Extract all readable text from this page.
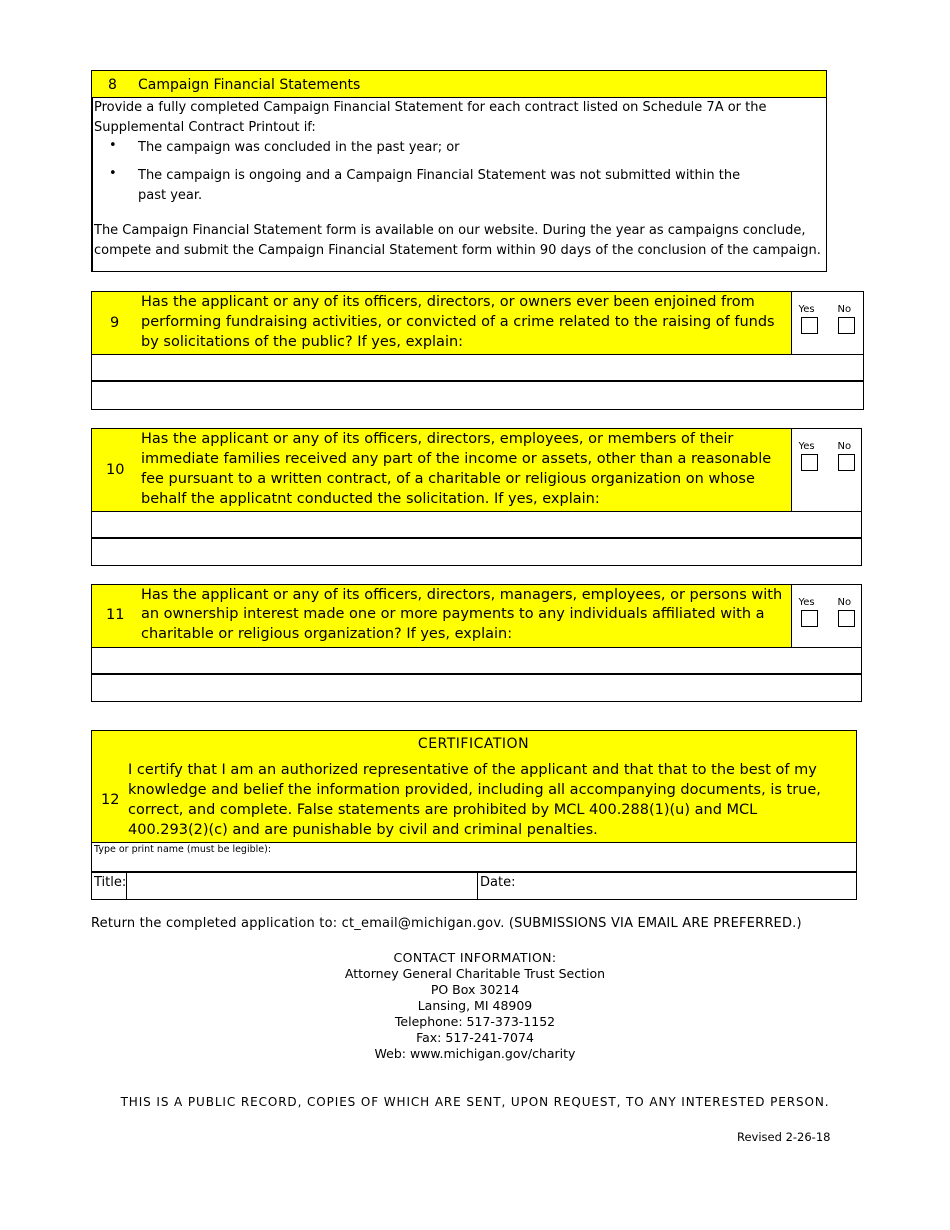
8 Campaign Financial Statements
Provide a fully completed Campaign Financial Statement for each contract listed on Schedule 7A or the
Supplemental Contract Printout if:
• The campaign was concluded in the past year; or
• The campaign is ongoing and a Campaign Financial Statement was not submitted within the
past year.
The Campaign Financial Statement form is available on our website. During the year as campaigns conclude,
compete and submit the Campaign Financial Statement form within 90 days of the conclusion of the campaign.
9
Has the applicant or any of its officers, directors, or owners ever been enjoined from
performing fundraising activities, or convicted of a crime related to the raising of funds
by solicitations of the public? If yes, explain:
Yes No
10
Has the applicant or any of its officers, directors, employees, or members of their
immediate families received any part of the income or assets, other than a reasonable
fee pursuant to a written contract, of a charitable or religious organization on whose
behalf the applicatnt conducted the solicitation. If yes, explain:
Yes No
11
Has the applicant or any of its officers, directors, managers, employees, or persons with
an ownership interest made one or more payments to any individuals affiliated with a
charitable or religious organization? If yes, explain:
Yes No
CERTIFICATION
12
I certify that I am an authorized representative of the applicant and that that to the best of my
knowledge and belief the information provided, including all accompanying documents, is true,
correct, and complete. False statements are prohibited by MCL 400.288(1)(u) and MCL
400.293(2)(c) and are punishable by civil and criminal penalties.
Type or print name (must be legible):
Title:	Date:
Return the completed application to: ct_email@michigan.gov. (SUBMISSIONS VIA EMAIL ARE PREFERRED.)
CONTACT INFORMATION:
Attorney General Charitable Trust Section
PO Box 30214
Lansing, MI 48909
Telephone: 517-373-1152
Fax: 517-241-7074
Web: www.michigan.gov/charity
THIS IS A PUBLIC RECORD, COPIES OF WHICH ARE SENT, UPON REQUEST, TO ANY INTERESTED PERSON.
Revised 2-26-18
